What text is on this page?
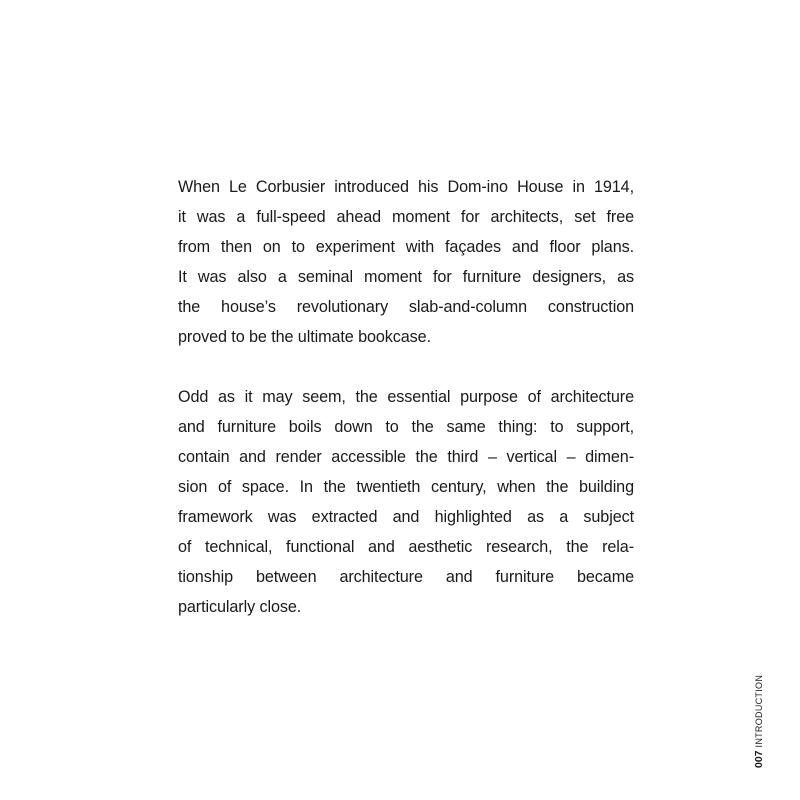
When Le Corbusier introduced his Dom-ino House in 1914,
it was a full-speed ahead moment for architects, set free
from then on to experiment with façades and floor plans.
It was also a seminal moment for furniture designers, as
the house’s revolutionary slab-and-column construction
proved to be the ultimate bookcase.

Odd as it may seem, the essential purpose of architecture
and furniture boils down to the same thing: to support,
contain and render accessible the third – vertical – dimen-
sion of space. In the twentieth century, when the building
framework was extracted and highlighted as a subject
of technical, functional and aesthetic research, the rela-
tionship between architecture and furniture became
particularly close.

007INTRODUCTION
